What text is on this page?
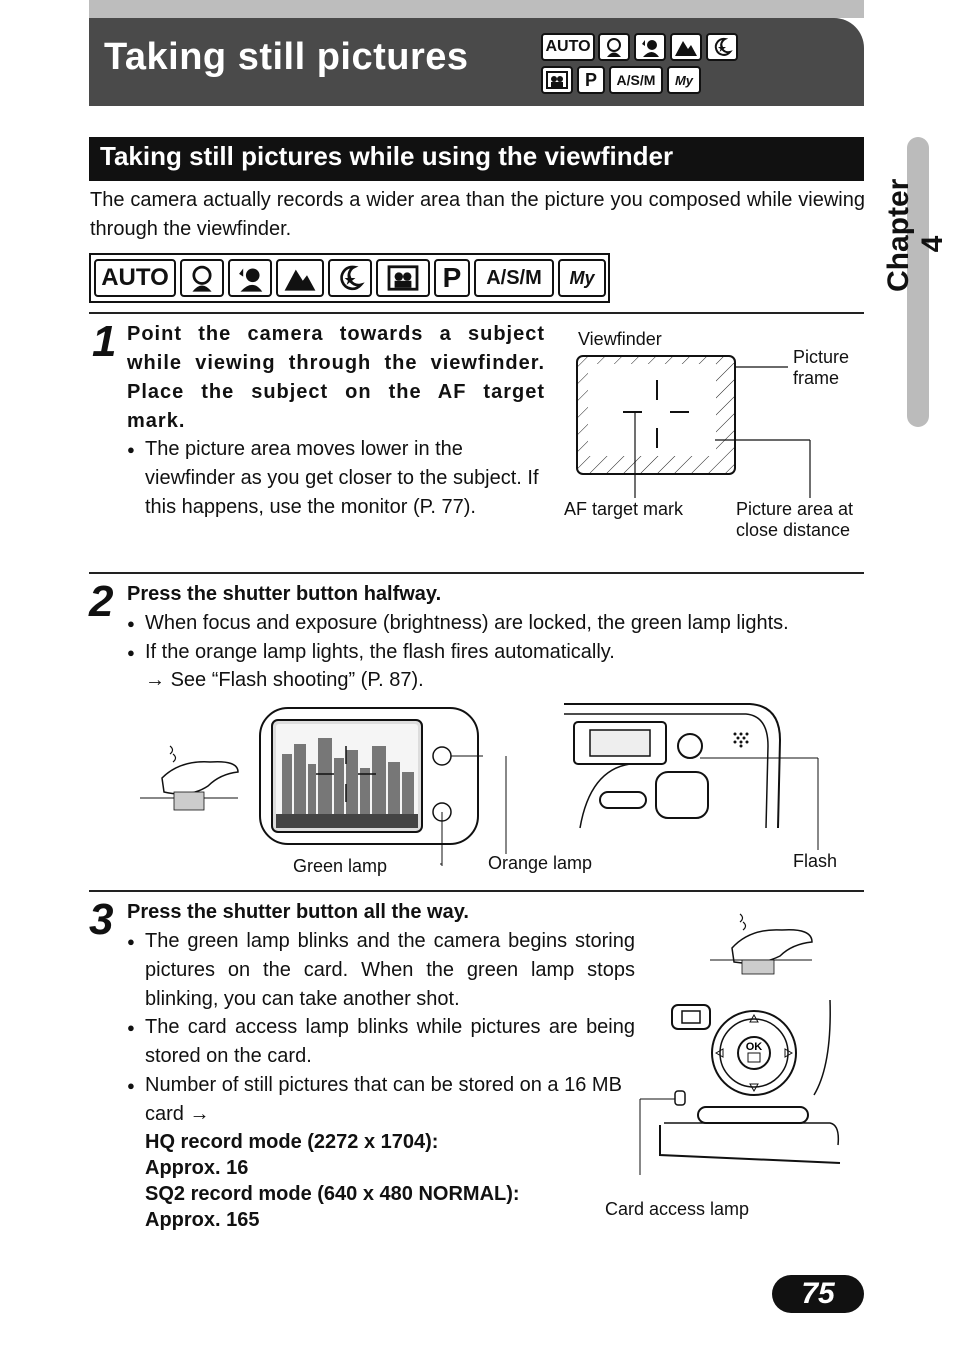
Taking still pictures	AUTO
P	A/S/M	My
Chapter 4
Taking still pictures while using the viewfinder
The camera actually records a wider area than the picture you composed while viewing through the viewfinder.
AUTO	P	A/S/M	My
1 Point the camera towards a subject while viewing through the viewfinder. Place the subject on the AF target mark.
● The picture area moves lower in the viewfinder as you get closer to the subject. If this happens, use the monitor (P. 77).
Viewfinder
Picture frame
AF target mark	Picture area at close distance
2 Press the shutter button halfway.
● When focus and exposure (brightness) are locked, the green lamp lights.
● If the orange lamp lights, the flash fires automatically.
→ See “Flash shooting” (P. 87).
Green lamp	Orange lamp	Flash
3 Press the shutter button all the way.
● The green lamp blinks and the camera begins storing pictures on the card. When the green lamp stops blinking, you can take another shot.
● The card access lamp blinks while pictures are being stored on the card.
● Number of still pictures that can be stored on a 16 MB card →
HQ record mode (2272 x 1704):
Approx. 16
SQ2 record mode (640 x 480 NORMAL):
Approx. 165
OK
Card access lamp
75
